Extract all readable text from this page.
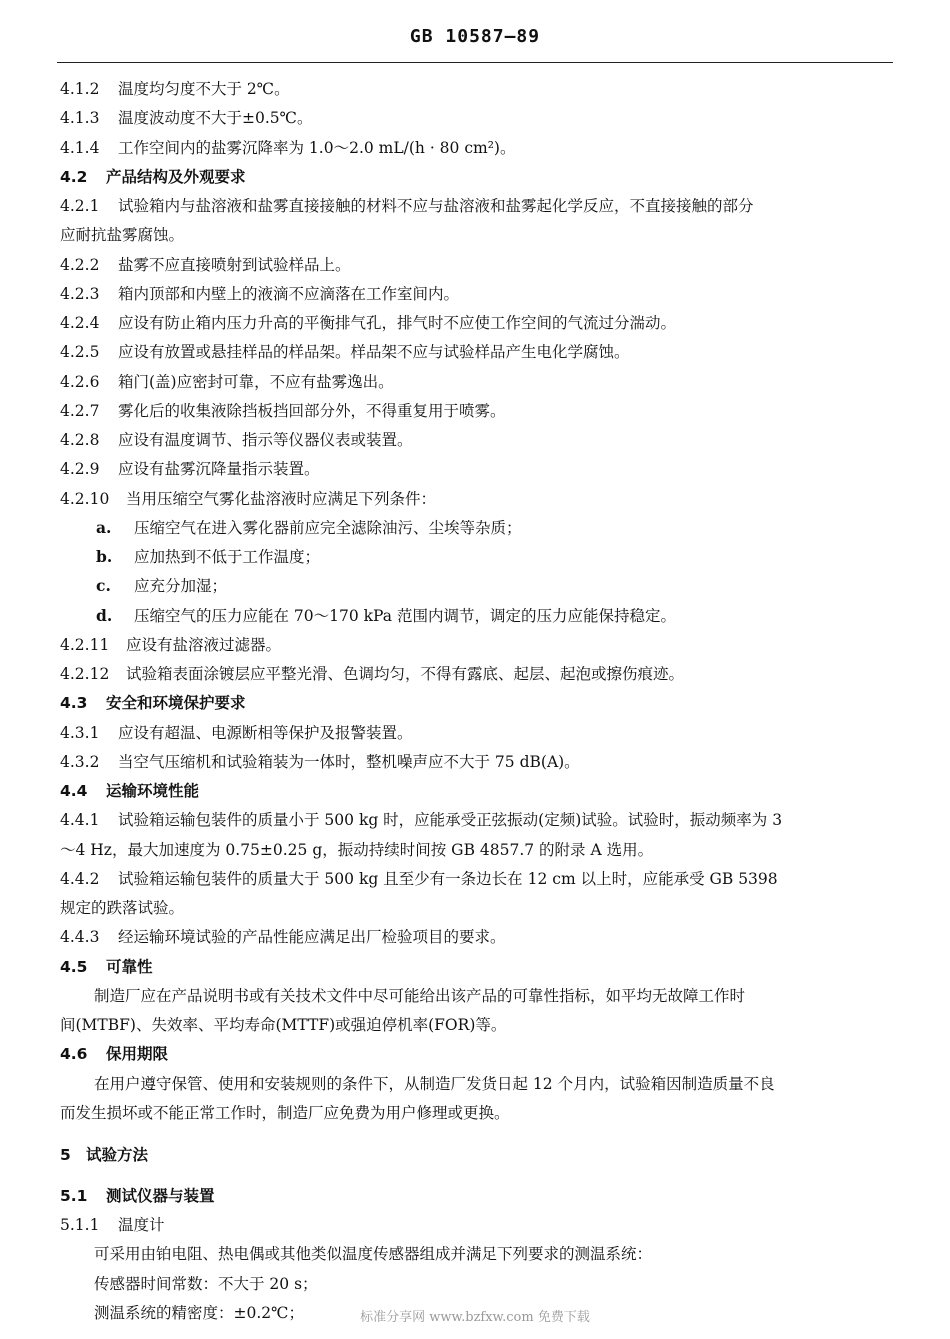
GB 10587—89
4.1.2 温度均匀度不大于 2℃。
4.1.3 温度波动度不大于±0.5℃。
4.1.4 工作空间内的盐雾沉降率为 1.0～2.0 mL/(h · 80 cm²)。
4.2 产品结构及外观要求
4.2.1 试验箱内与盐溶液和盐雾直接接触的材料不应与盐溶液和盐雾起化学反应，不直接接触的部分
应耐抗盐雾腐蚀。
4.2.2 盐雾不应直接喷射到试验样品上。
4.2.3 箱内顶部和内壁上的液滴不应滴落在工作室间内。
4.2.4 应设有防止箱内压力升高的平衡排气孔，排气时不应使工作空间的气流过分湍动。
4.2.5 应设有放置或悬挂样品的样品架。样品架不应与试验样品产生电化学腐蚀。
4.2.6 箱门(盖)应密封可靠，不应有盐雾逸出。
4.2.7 雾化后的收集液除挡板挡回部分外，不得重复用于喷雾。
4.2.8 应设有温度调节、指示等仪器仪表或装置。
4.2.9 应设有盐雾沉降量指示装置。
4.2.10 当用压缩空气雾化盐溶液时应满足下列条件：
a. 压缩空气在进入雾化器前应完全滤除油污、尘埃等杂质；
b. 应加热到不低于工作温度；
c. 应充分加湿；
d. 压缩空气的压力应能在 70～170 kPa 范围内调节，调定的压力应能保持稳定。
4.2.11 应设有盐溶液过滤器。
4.2.12 试验箱表面涂镀层应平整光滑、色调均匀，不得有露底、起层、起泡或擦伤痕迹。
4.3 安全和环境保护要求
4.3.1 应设有超温、电源断相等保护及报警装置。
4.3.2 当空气压缩机和试验箱装为一体时，整机噪声应不大于 75 dB(A)。
4.4 运输环境性能
4.4.1 试验箱运输包装件的质量小于 500 kg 时，应能承受正弦振动(定频)试验。试验时，振动频率为 3
～4 Hz，最大加速度为 0.75±0.25 g，振动持续时间按 GB 4857.7 的附录 A 选用。
4.4.2 试验箱运输包装件的质量大于 500 kg 且至少有一条边长在 12 cm 以上时，应能承受 GB 5398
规定的跌落试验。
4.4.3 经运输环境试验的产品性能应满足出厂检验项目的要求。
4.5 可靠性
制造厂应在产品说明书或有关技术文件中尽可能给出该产品的可靠性指标，如平均无故障工作时
间(MTBF)、失效率、平均寿命(MTTF)或强迫停机率(FOR)等。
4.6 保用期限
在用户遵守保管、使用和安装规则的条件下，从制造厂发货日起 12 个月内，试验箱因制造质量不良
而发生损坏或不能正常工作时，制造厂应免费为用户修理或更换。
5 试验方法
5.1 测试仪器与装置
5.1.1 温度计
可采用由铂电阻、热电偶或其他类似温度传感器组成并满足下列要求的测温系统：
传感器时间常数：不大于 20 s；
标准分享网 www.bzfxw.com 免费下载
测温系统的精密度：±0.2℃；
